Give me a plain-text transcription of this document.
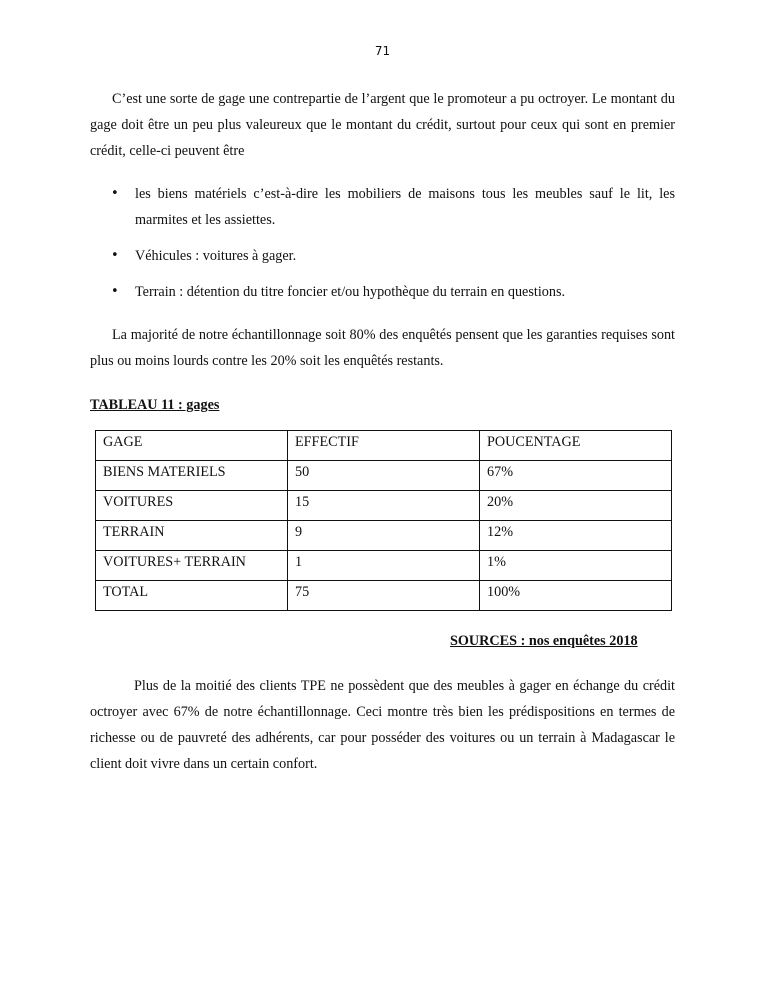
71

C’est une sorte de gage une contrepartie de l’argent que le promoteur a pu octroyer. Le montant du gage doit être un peu plus valeureux que le montant du crédit, surtout pour ceux qui sont en premier crédit, celle-ci peuvent être

• les biens matériels c’est-à-dire les mobiliers de maisons tous les meubles sauf le lit, les marmites et les assiettes.
• Véhicules : voitures à gager.
• Terrain : détention du titre foncier et/ou hypothèque du terrain en questions.

La majorité de notre échantillonnage soit 80% des enquêtés pensent que les garanties requises sont plus ou moins lourds contre les 20% soit les enquêtés restants.

TABLEAU 11 : gages

GAGE	EFFECTIF	POUCENTAGE
BIENS MATERIELS	50	67%
VOITURES	15	20%
TERRAIN	9	12%
VOITURES+ TERRAIN	1	1%
TOTAL	75	100%

SOURCES : nos enquêtes 2018

Plus de la moitié des clients TPE ne possèdent que des meubles à gager en échange du crédit octroyer avec 67% de notre échantillonnage. Ceci montre très bien les prédispositions en termes de richesse ou de pauvreté des adhérents, car pour posséder des voitures ou un terrain à Madagascar le client doit vivre dans un certain confort.
